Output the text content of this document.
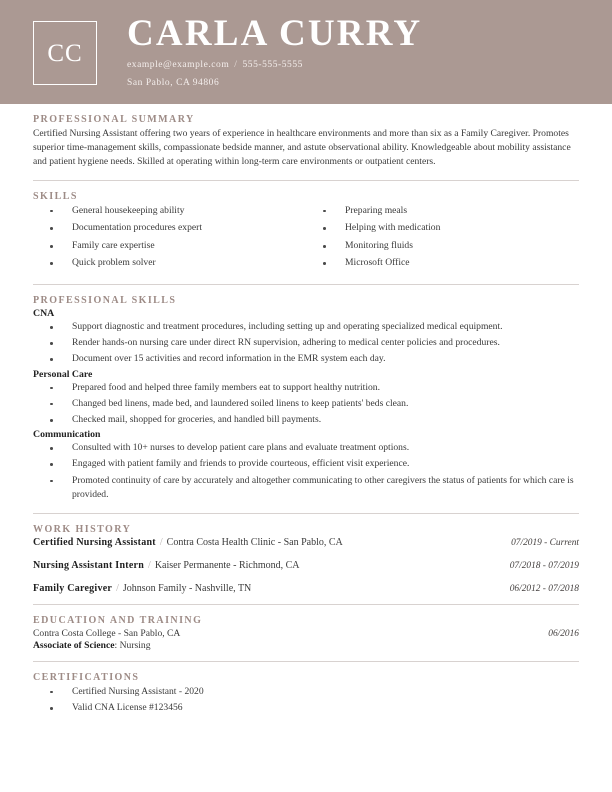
CC CARLA CURRY
example@example.com / 555-555-5555
San Pablo, CA 94806
PROFESSIONAL SUMMARY
Certified Nursing Assistant offering two years of experience in healthcare environments and more than six as a Family Caregiver. Promotes superior time-management skills, compassionate bedside manner, and astute observational ability. Knowledgeable about mobility assistance and patient hygiene needs. Skilled at operating within long-term care environments or outpatient centers.
SKILLS
General housekeeping ability
Documentation procedures expert
Family care expertise
Quick problem solver
Preparing meals
Helping with medication
Monitoring fluids
Microsoft Office
PROFESSIONAL SKILLS
CNA
Support diagnostic and treatment procedures, including setting up and operating specialized medical equipment.
Render hands-on nursing care under direct RN supervision, adhering to medical center policies and procedures.
Document over 15 activities and record information in the EMR system each day.
Personal Care
Prepared food and helped three family members eat to support healthy nutrition.
Changed bed linens, made bed, and laundered soiled linens to keep patients' beds clean.
Checked mail, shopped for groceries, and handled bill payments.
Communication
Consulted with 10+ nurses to develop patient care plans and evaluate treatment options.
Engaged with patient family and friends to provide courteous, efficient visit experience.
Promoted continuity of care by accurately and altogether communicating to other caregivers the status of patients for which care is provided.
WORK HISTORY
Certified Nursing Assistant / Contra Costa Health Clinic - San Pablo, CA	07/2019 - Current
Nursing Assistant Intern / Kaiser Permanente - Richmond, CA	07/2018 - 07/2019
Family Caregiver / Johnson Family - Nashville, TN	06/2012 - 07/2018
EDUCATION AND TRAINING
Contra Costa College - San Pablo, CA	06/2016
Associate of Science: Nursing
CERTIFICATIONS
Certified Nursing Assistant - 2020
Valid CNA License #123456
